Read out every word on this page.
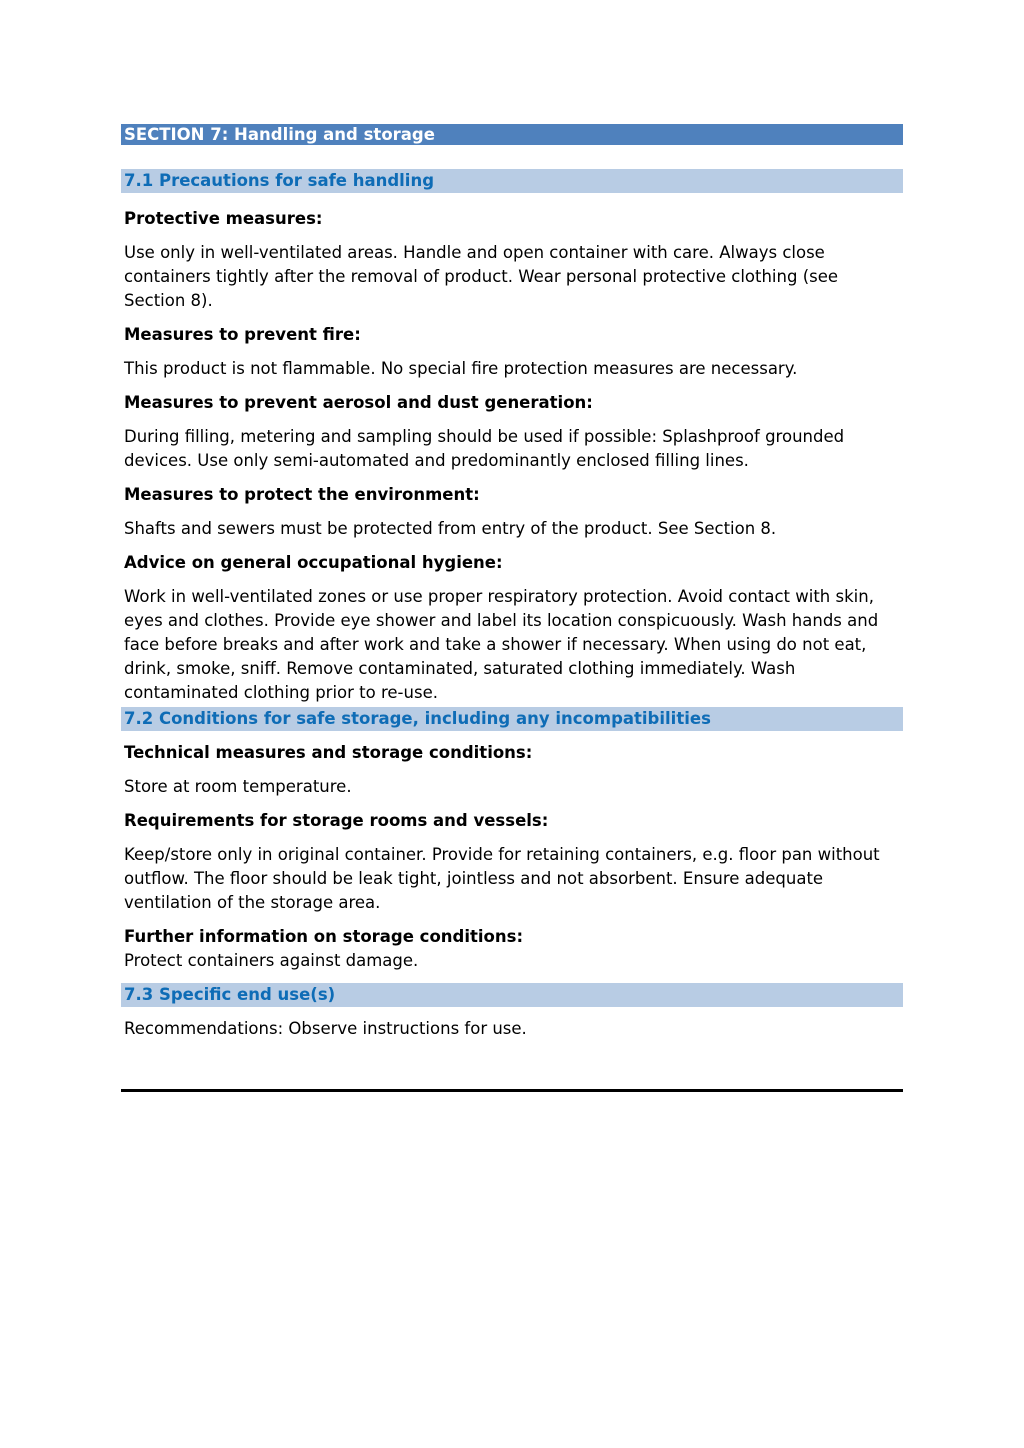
SECTION 7: Handling and storage
7.1 Precautions for safe handling
Protective measures:
Use only in well-ventilated areas. Handle and open container with care. Always close containers tightly after the removal of product. Wear personal protective clothing (see Section 8).
Measures to prevent fire:
This product is not flammable. No special fire protection measures are necessary.
Measures to prevent aerosol and dust generation:
During filling, metering and sampling should be used if possible: Splashproof grounded devices. Use only semi-automated and predominantly enclosed filling lines.
Measures to protect the environment:
Shafts and sewers must be protected from entry of the product. See Section 8.
Advice on general occupational hygiene:
Work in well-ventilated zones or use proper respiratory protection. Avoid contact with skin, eyes and clothes. Provide eye shower and label its location conspicuously. Wash hands and face before breaks and after work and take a shower if necessary. When using do not eat, drink, smoke, sniff. Remove contaminated, saturated clothing immediately. Wash contaminated clothing prior to re-use.
7.2 Conditions for safe storage, including any incompatibilities
Technical measures and storage conditions:
Store at room temperature.
Requirements for storage rooms and vessels:
Keep/store only in original container. Provide for retaining containers, e.g. floor pan without outflow. The floor should be leak tight, jointless and not absorbent. Ensure adequate ventilation of the storage area.
Further information on storage conditions:
Protect containers against damage.
7.3 Specific end use(s)
Recommendations: Observe instructions for use.
